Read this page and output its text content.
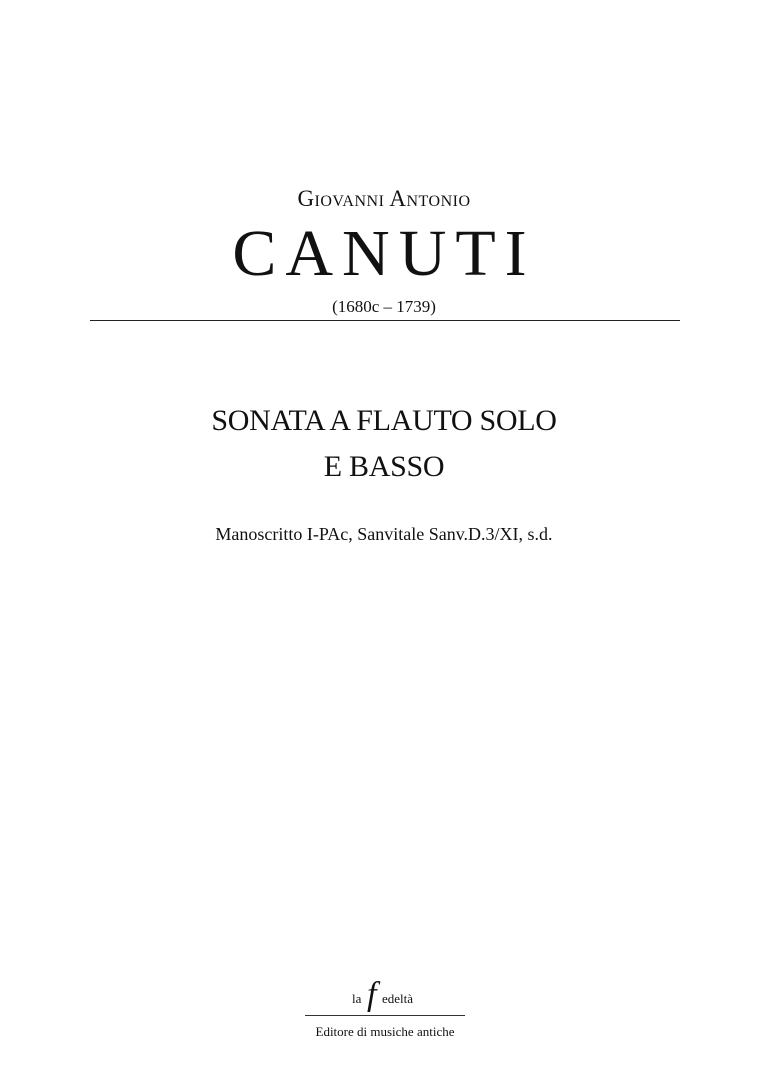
Giovanni Antonio
CANUTI
(1680c – 1739)
SONATA A FLAUTO SOLO
E BASSO
Manoscritto I-PAc, Sanvitale Sanv.D.3/XI, s.d.
la f edeltà
Editore di musiche antiche
